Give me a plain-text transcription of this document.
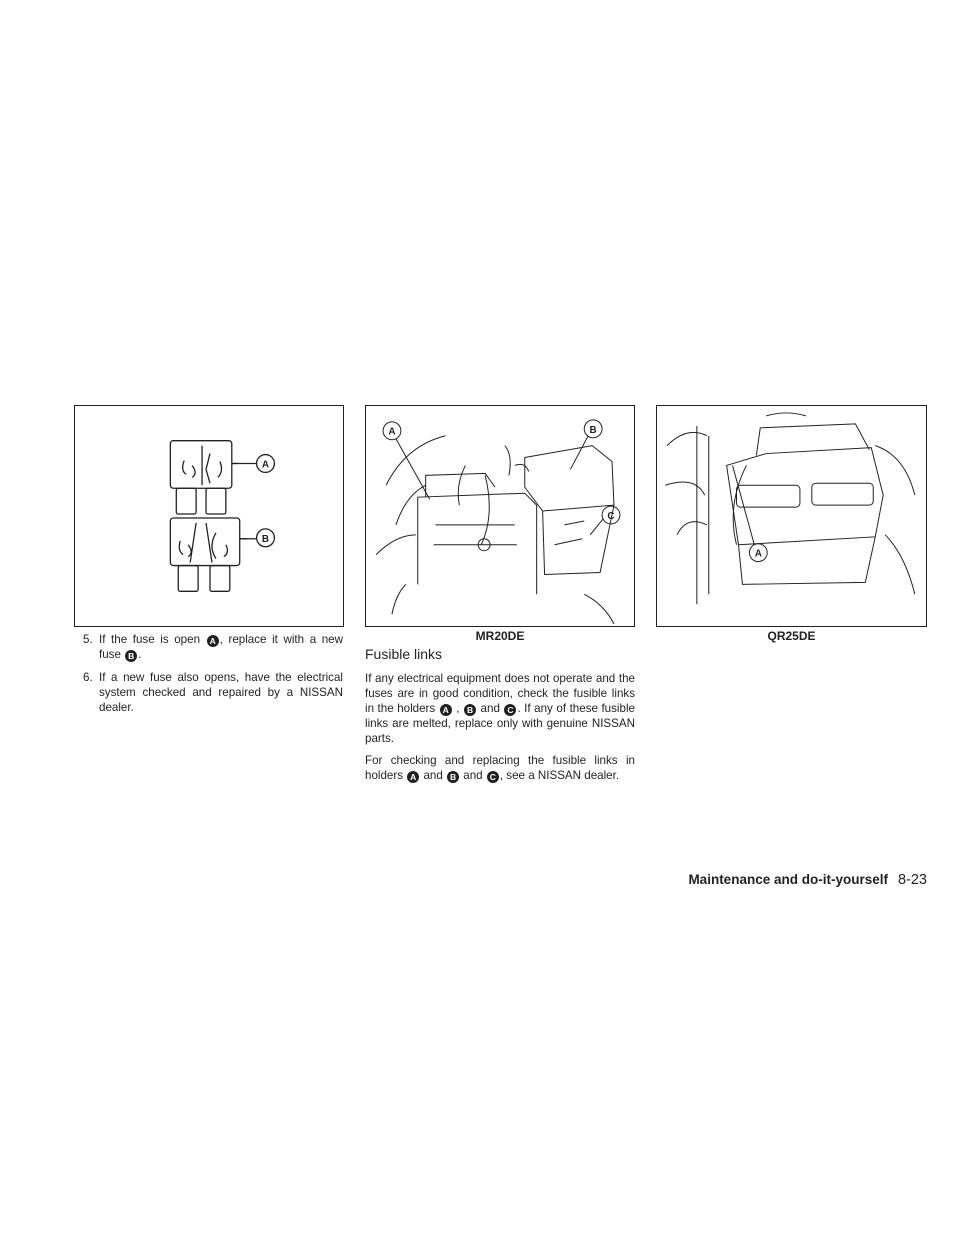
A
B
A	B
C
MR20DE
A
QR25DE
5. If the fuse is open A , replace it with a new fuse B .
6. If a new fuse also opens, have the electrical system checked and repaired by a NISSAN dealer.
Fusible links

If any electrical equipment does not operate and the fuses are in good condition, check the fusible links in the holders A , B and C . If any of these fusible links are melted, replace only with genuine NISSAN parts.

For checking and replacing the fusible links in holders A and B and C , see a NISSAN dealer.

Maintenance and do-it-yourself 8-23
